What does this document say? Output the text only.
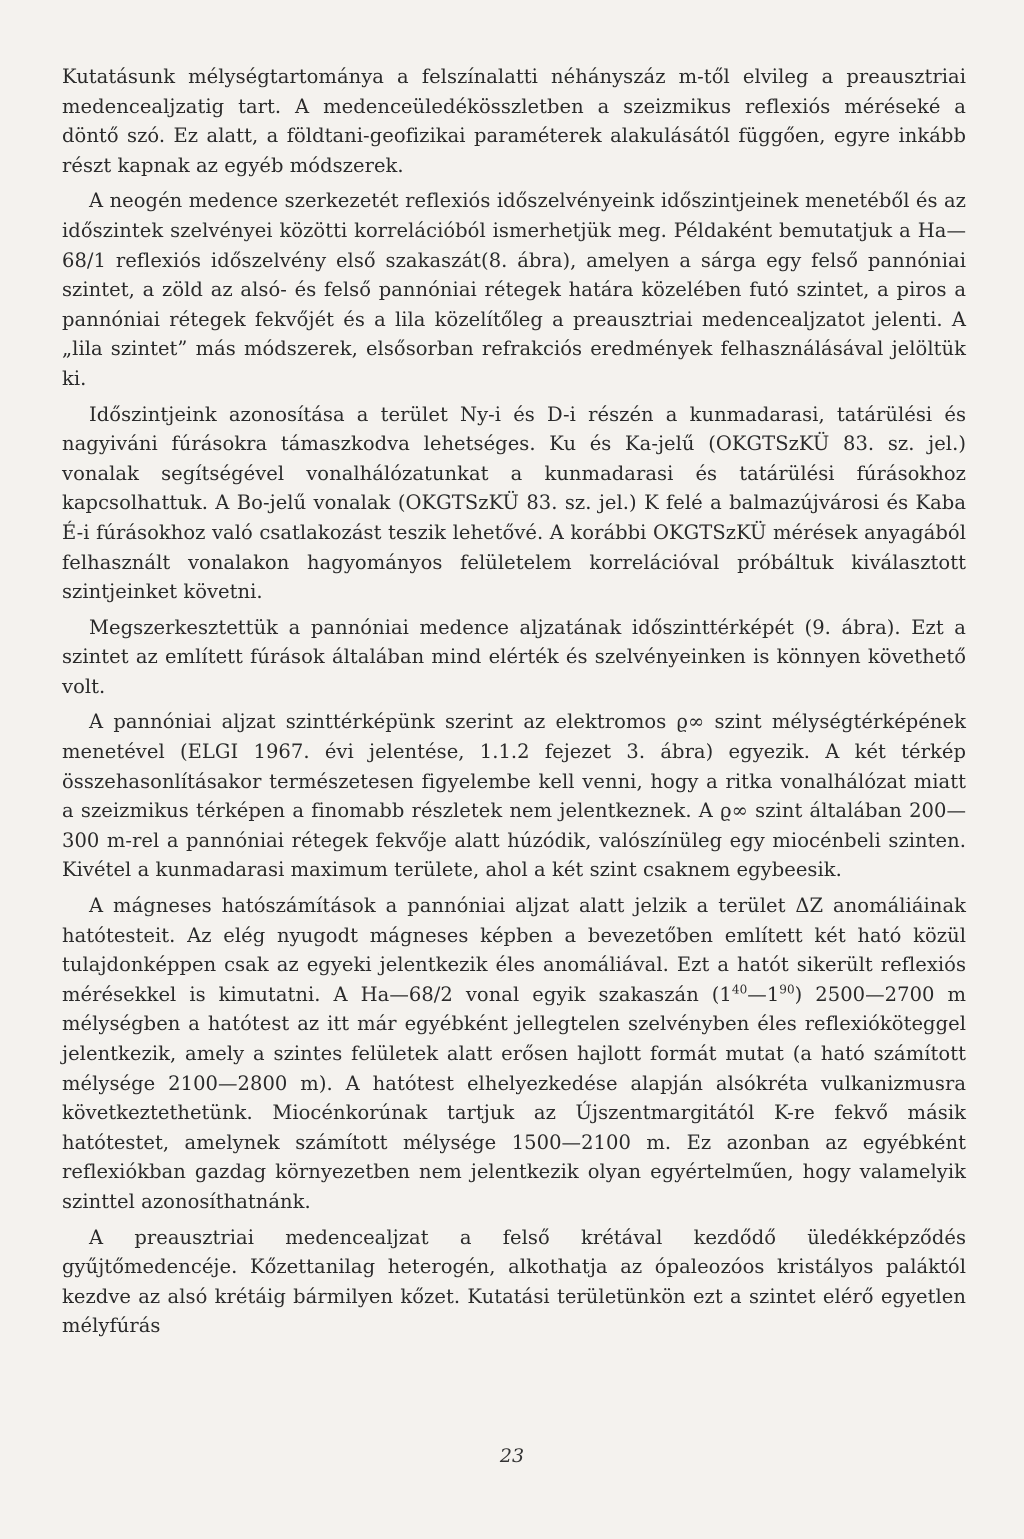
Kutatásunk mélységtartománya a felszínalatti néhányszáz m-től elvileg a preausztriai medencealjzatig tart. A medenceüledékösszletben a szeizmikus reflexiós méréseké a döntő szó. Ez alatt, a földtani-geofizikai paraméterek alakulásától függően, egyre inkább részt kapnak az egyéb módszerek.

A neogén medence szerkezetét reflexiós időszelvényeink időszintjeinek menetéből és az időszintek szelvényei közötti korrelációból ismerhetjük meg. Példaként bemutatjuk a Ha—68/1 reflexiós időszelvény első szakaszát(8. ábra), amelyen a sárga egy felső pannóniai szintet, a zöld az alsó- és felső pannóniai rétegek határa közelében futó szintet, a piros a pannóniai rétegek fekvőjét és a lila közelítőleg a preausztriai medencealjzatot jelenti. A „lila szintet” más módszerek, elsősorban refrakciós eredmények felhasználásával jelöltük ki.

Időszintjeink azonosítása a terület Ny-i és D-i részén a kunmadarasi, tatárülési és nagyiváni fúrásokra támaszkodva lehetséges. Ku és Ka-jelű (OKGTSzKÜ 83. sz. jel.) vonalak segítségével vonalhálózatunkat a kunmadarasi és tatárülési fúrásokhoz kapcsolhattuk. A Bo-jelű vonalak (OKGTSzKÜ 83. sz. jel.) K felé a balmazújvárosi és Kaba É-i fúrásokhoz való csatlakozást teszik lehetővé. A korábbi OKGTSzKÜ mérések anyagából felhasznált vonalakon hagyományos felületelem korrelációval próbáltuk kiválasztott szintjeinket követni.

Megszerkesztettük a pannóniai medence aljzatának időszinttérképét (9. ábra). Ezt a szintet az említett fúrások általában mind elérték és szelvényeinken is könnyen követhető volt.

A pannóniai aljzat szinttérképünk szerint az elektromos ϱ∞ szint mélységtérképének menetével (ELGI 1967. évi jelentése, 1.1.2 fejezet 3. ábra) egyezik. A két térkép összehasonlításakor természetesen figyelembe kell venni, hogy a ritka vonalhálózat miatt a szeizmikus térképen a finomabb részletek nem jelentkeznek. A ϱ∞ szint általában 200—300 m-rel a pannóniai rétegek fekvője alatt húzódik, valószínüleg egy miocénbeli szinten. Kivétel a kunmadarasi maximum területe, ahol a két szint csaknem egybeesik.

A mágneses hatószámítások a pannóniai aljzat alatt jelzik a terület ΔZ anomáliáinak hatótesteit. Az elég nyugodt mágneses képben a bevezetőben említett két ható közül tulajdonképpen csak az egyeki jelentkezik éles anomáliával. Ezt a hatót sikerült reflexiós mérésekkel is kimutatni. A Ha—68/2 vonal egyik szakaszán $(1^{40}—1^{90})$ 2500—2700 m mélységben a hatótest az itt már egyébként jellegtelen szelvényben éles reflexióköteggel jelentkezik, amely a szintes felületek alatt erősen hajlott formát mutat (a ható számított mélysége 2100—2800 m). A hatótest elhelyezkedése alapján alsókréta vulkanizmusra következtethetünk. Miocénkorúnak tartjuk az Újszentmargitától K-re fekvő másik hatótestet, amelynek számított mélysége 1500—2100 m. Ez azonban az egyébként reflexiókban gazdag környezetben nem jelentkezik olyan egyértelműen, hogy valamelyik szinttel azonosíthatnánk.

A preausztriai medencealjzat a felső krétával kezdődő üledékképződés gyűjtőmedencéje. Kőzettanilag heterogén, alkothatja az ópaleozóos kristályos paláktól kezdve az alsó krétáig bármilyen kőzet. Kutatási területünkön ezt a szintet elérő egyetlen mélyfúrás

23
